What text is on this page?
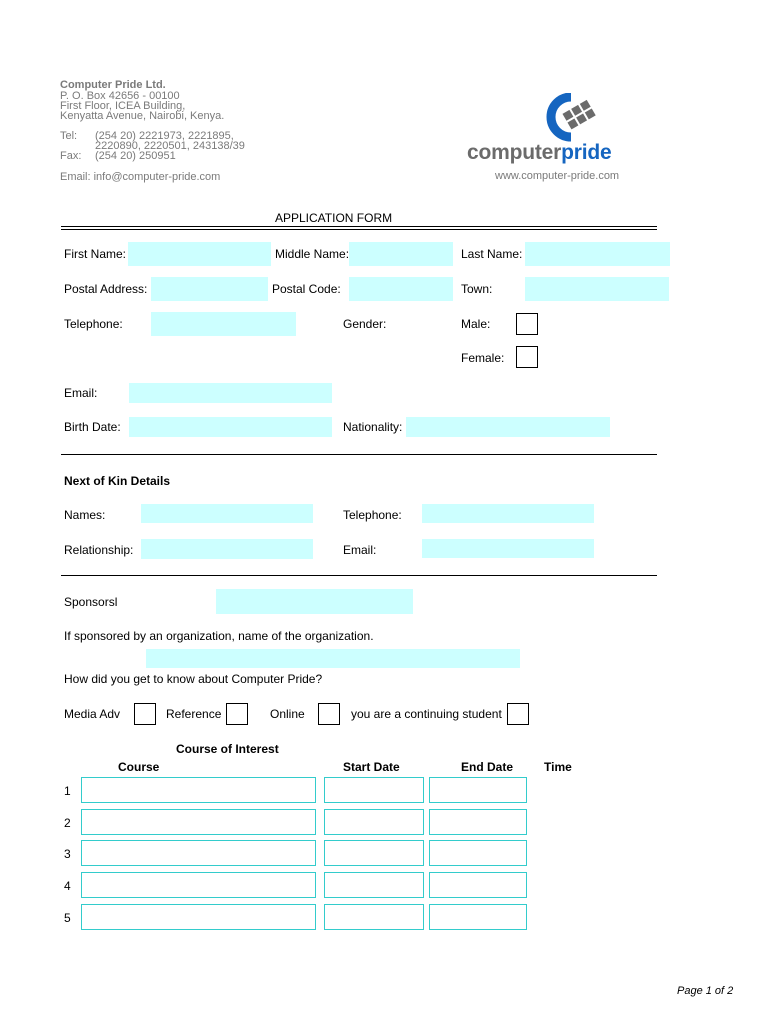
Computer Pride Ltd.
P. O. Box 42656 - 00100
First Floor, ICEA Building,
Kenyatta Avenue, Nairobi, Kenya.
Tel: (254 20) 2221973, 2221895,
2220890, 2220501, 243138/39
Fax: (254 20) 250951
Email: info@computer-pride.com
computerpride
www.computer-pride.com
APPLICATION FORM
First Name:	Middle Name:	Last Name:
Postal Address:	Postal Code:	Town:
Telephone:	Gender:	Male:
Female:
Email:
Birth Date:	Nationality:
Next of Kin Details
Names:	Telephone:
Relationship:	Email:
Sponsorsl
If sponsored by an organization, name of the organization.
How did you get to know about Computer Pride?
Media Adv	Reference	Online	you are a continuing student
Course of Interest
Course	Start Date	End Date	Time
1
2
3
4
5
Page 1 of 2
